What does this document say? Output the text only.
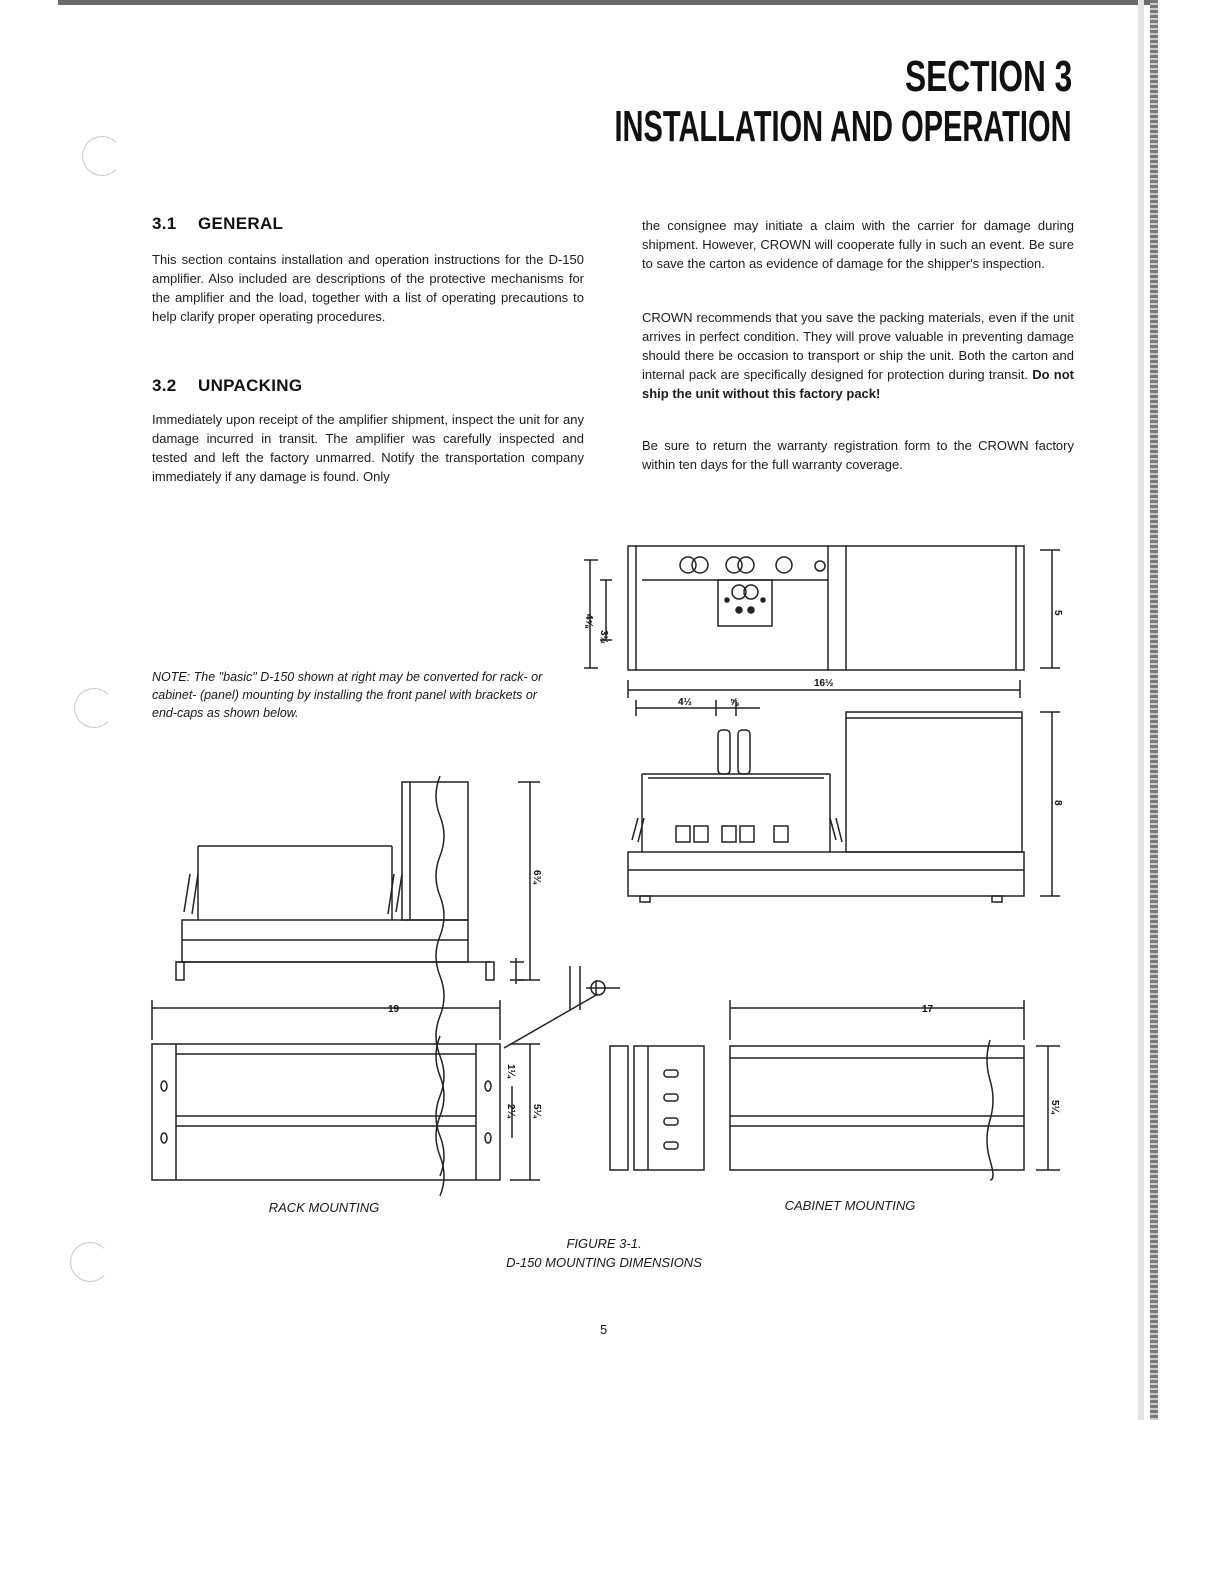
SECTION 3
INSTALLATION AND OPERATION
3.1 GENERAL

This section contains installation and operation instructions for the D-150 amplifier. Also included are descriptions of the protective mechanisms for the amplifier and the load, together with a list of operating precautions to help clarify proper operating procedures.

3.2 UNPACKING

Immediately upon receipt of the amplifier shipment, inspect the unit for any damage incurred in transit. The amplifier was carefully inspected and tested and left the factory unmarred. Notify the transportation company immediately if any damage is found. Only

the consignee may initiate a claim with the carrier for damage during shipment. However, CROWN will cooperate fully in such an event. Be sure to save the carton as evidence of damage for the shipper's inspection.

CROWN recommends that you save the packing materials, even if the unit arrives in perfect condition. They will prove valuable in preventing damage should there be occasion to transport or ship the unit. Both the carton and internal pack are specifically designed for protection during transit. Do not ship the unit without this factory pack!

Be sure to return the warranty registration form to the CROWN factory within ten days for the full warranty coverage.

NOTE: The "basic" D-150 shown at right may be converted for rack- or cabinet- (panel) mounting by installing the front panel with brackets or end-caps as shown below.
4⅝
3½
5
16½
4½	⅝
8
6¾
19
1¼
2¼ 5¼
17
5¼
RACK MOUNTING	CABINET MOUNTING
FIGURE 3-1.
D-150 MOUNTING DIMENSIONS
5
